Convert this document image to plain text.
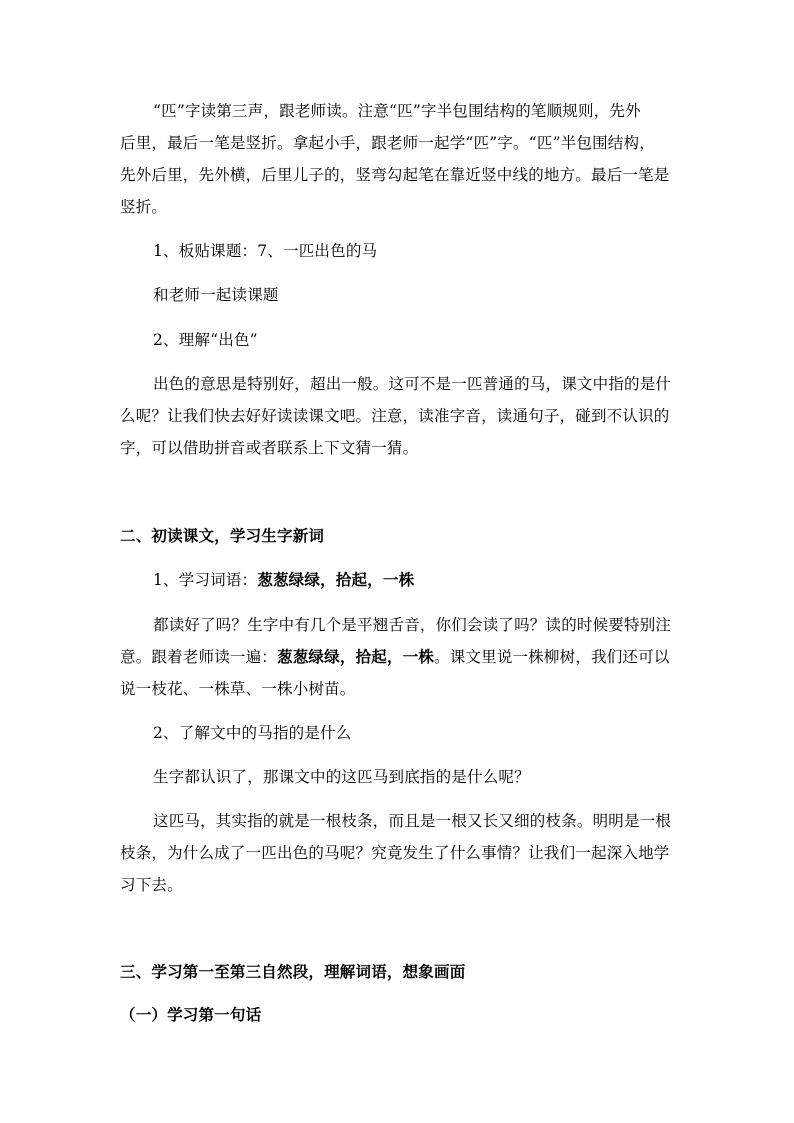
“匹”字读第三声，跟老师读。注意“匹”字半包围结构的笔顺规则，先外
后里，最后一笔是竖折。拿起小手，跟老师一起学“匹”字。“匹”半包围结构，
先外后里，先外横，后里儿子的，竖弯勾起笔在靠近竖中线的地方。最后一笔是
竖折。
1、板贴课题：7、一匹出色的马
和老师一起读课题
2、理解“出色”
出色的意思是特别好，超出一般。这可不是一匹普通的马，课文中指的是什
么呢？让我们快去好好读读课文吧。注意，读准字音，读通句子，碰到不认识的
字，可以借助拼音或者联系上下文猜一猜。
二、初读课文，学习生字新词
1、学习词语：葱葱绿绿，拾起，一株
都读好了吗？生字中有几个是平翘舌音，你们会读了吗？读的时候要特别注
意。跟着老师读一遍：葱葱绿绿，拾起，一株。课文里说一株柳树，我们还可以
说一枝花、一株草、一株小树苗。
2、了解文中的马指的是什么
生字都认识了，那课文中的这匹马到底指的是什么呢？
这匹马，其实指的就是一根枝条，而且是一根又长又细的枝条。明明是一根
枝条，为什么成了一匹出色的马呢？究竟发生了什么事情？让我们一起深入地学
习下去。
三、学习第一至第三自然段，理解词语，想象画面
（一）学习第一句话
